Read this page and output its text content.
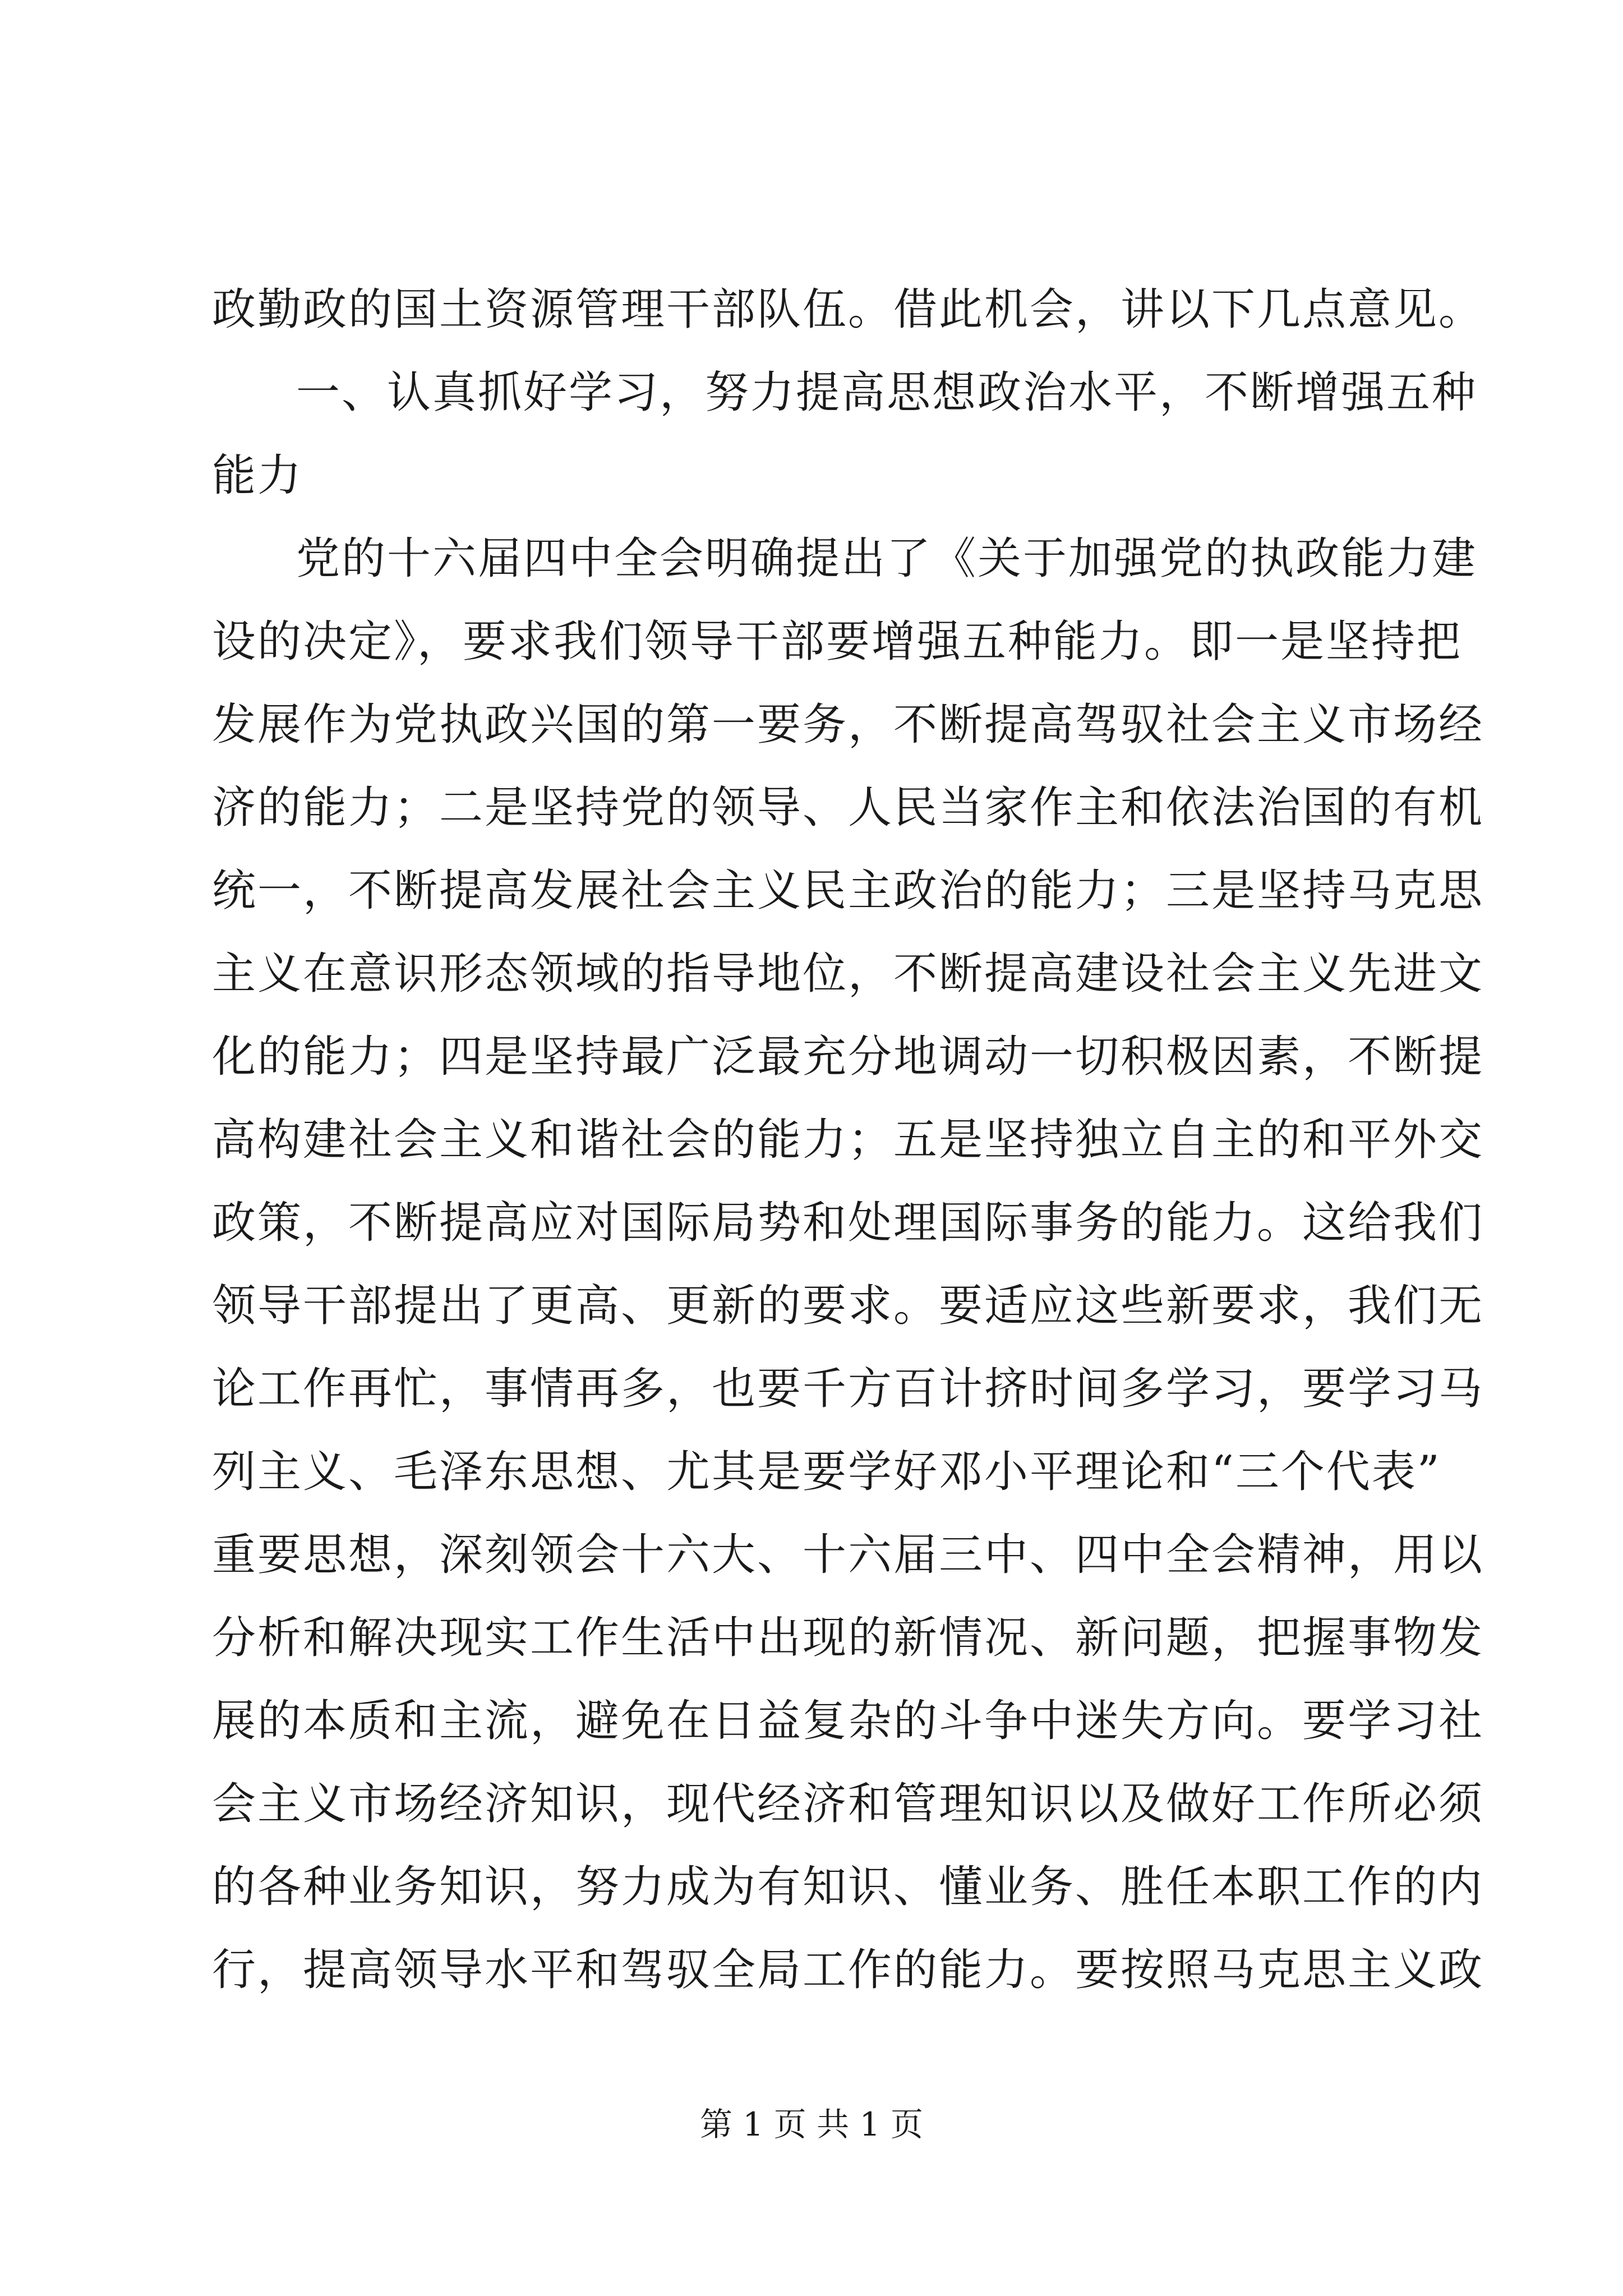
政勤政的国土资源管理干部队伍。借此机会，讲以下几点意见。
一、认真抓好学习，努力提高思想政治水平，不断增强五种
能力
党的十六届四中全会明确提出了《关于加强党的执政能力建
设的决定》，要求我们领导干部要增强五种能力。即一是坚持把
发展作为党执政兴国的第一要务，不断提高驾驭社会主义市场经
济的能力；二是坚持党的领导、人民当家作主和依法治国的有机
统一，不断提高发展社会主义民主政治的能力；三是坚持马克思
主义在意识形态领域的指导地位，不断提高建设社会主义先进文
化的能力；四是坚持最广泛最充分地调动一切积极因素，不断提
高构建社会主义和谐社会的能力；五是坚持独立自主的和平外交
政策，不断提高应对国际局势和处理国际事务的能力。这给我们
领导干部提出了更高、更新的要求。要适应这些新要求，我们无
论工作再忙，事情再多，也要千方百计挤时间多学习，要学习马
列主义、毛泽东思想、尤其是要学好邓小平理论和“三个代表”
重要思想，深刻领会十六大、十六届三中、四中全会精神，用以
分析和解决现实工作生活中出现的新情况、新问题，把握事物发
展的本质和主流，避免在日益复杂的斗争中迷失方向。要学习社
会主义市场经济知识，现代经济和管理知识以及做好工作所必须
的各种业务知识，努力成为有知识、懂业务、胜任本职工作的内
行，提高领导水平和驾驭全局工作的能力。要按照马克思主义政
第 1 页 共 1 页
